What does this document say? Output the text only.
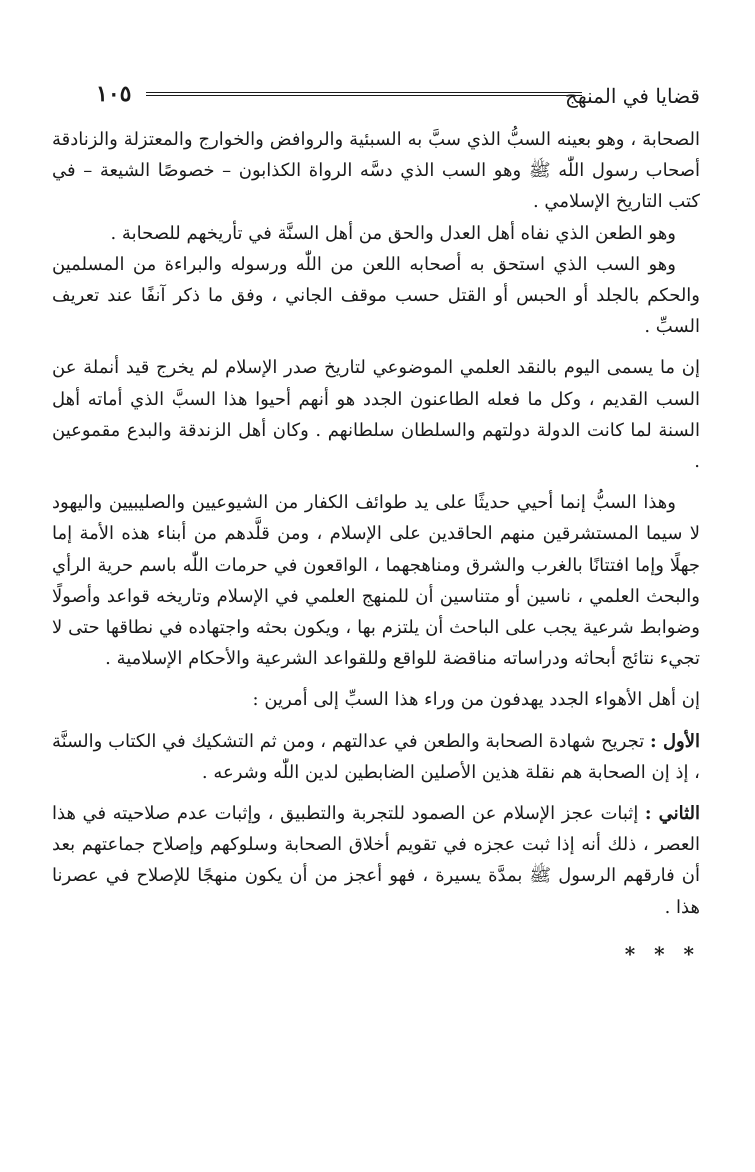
قضايا في المنهج
١٠٥

الصحابة ، وهو بعينه السبُّ الذي سبَّ به السبئية والروافض والخوارج والمعتزلة والزنادقة أصحاب رسول اللّٰه ﷺ وهو السب الذي دسَّه الرواة الكذابون – خصوصًا الشيعة – في كتب التاريخ الإسلامي .

وهو الطعن الذي نفاه أهل العدل والحق من أهل السنَّة في تأريخهم للصحابة .

وهو السب الذي استحق به أصحابه اللعن من اللّٰه ورسوله والبراءة من المسلمين والحكم بالجلد أو الحبس أو القتل حسب موقف الجاني ، وفق ما ذكر آنفًا عند تعريف السبِّ .

إن ما يسمى اليوم بالنقد العلمي الموضوعي لتاريخ صدر الإسلام لم يخرج قيد أنملة عن السب القديم ، وكل ما فعله الطاعنون الجدد هو أنهم أحيوا هذا السبَّ الذي أماته أهل السنة لما كانت الدولة دولتهم والسلطان سلطانهم . وكان أهل الزندقة والبدع مقموعين .

وهذا السبُّ إنما أحيي حديثًا على يد طوائف الكفار من الشيوعيين والصليبيين واليهود لا سيما المستشرقين منهم الحاقدين على الإسلام ، ومن قلَّدهم من أبناء هذه الأمة إما جهلًا وإما افتتانًا بالغرب والشرق ومناهجهما ، الواقعون في حرمات اللّٰه باسم حرية الرأي والبحث العلمي ، ناسين أو متناسين أن للمنهج العلمي في الإسلام وتاريخه قواعد وأصولًا وضوابط شرعية يجب على الباحث أن يلتزم بها ، ويكون بحثه واجتهاده في نطاقها حتى لا تجيء نتائج أبحاثه ودراساته مناقضة للواقع وللقواعد الشرعية والأحكام الإسلامية .

إن أهل الأهواء الجدد يهدفون من وراء هذا السبِّ إلى أمرين :

الأول : تجريح شهادة الصحابة والطعن في عدالتهم ، ومن ثم التشكيك في الكتاب والسنَّة ، إذ إن الصحابة هم نقلة هذين الأصلين الضابطين لدين اللّٰه وشرعه .

الثاني : إثبات عجز الإسلام عن الصمود للتجربة والتطبيق ، وإثبات عدم صلاحيته في هذا العصر ، ذلك أنه إذا ثبت عجزه في تقويم أخلاق الصحابة وسلوكهم وإصلاح جماعتهم بعد أن فارقهم الرسول ﷺ بمدَّة يسيرة ، فهو أعجز من أن يكون منهجًا للإصلاح في عصرنا هذا .

* * *
